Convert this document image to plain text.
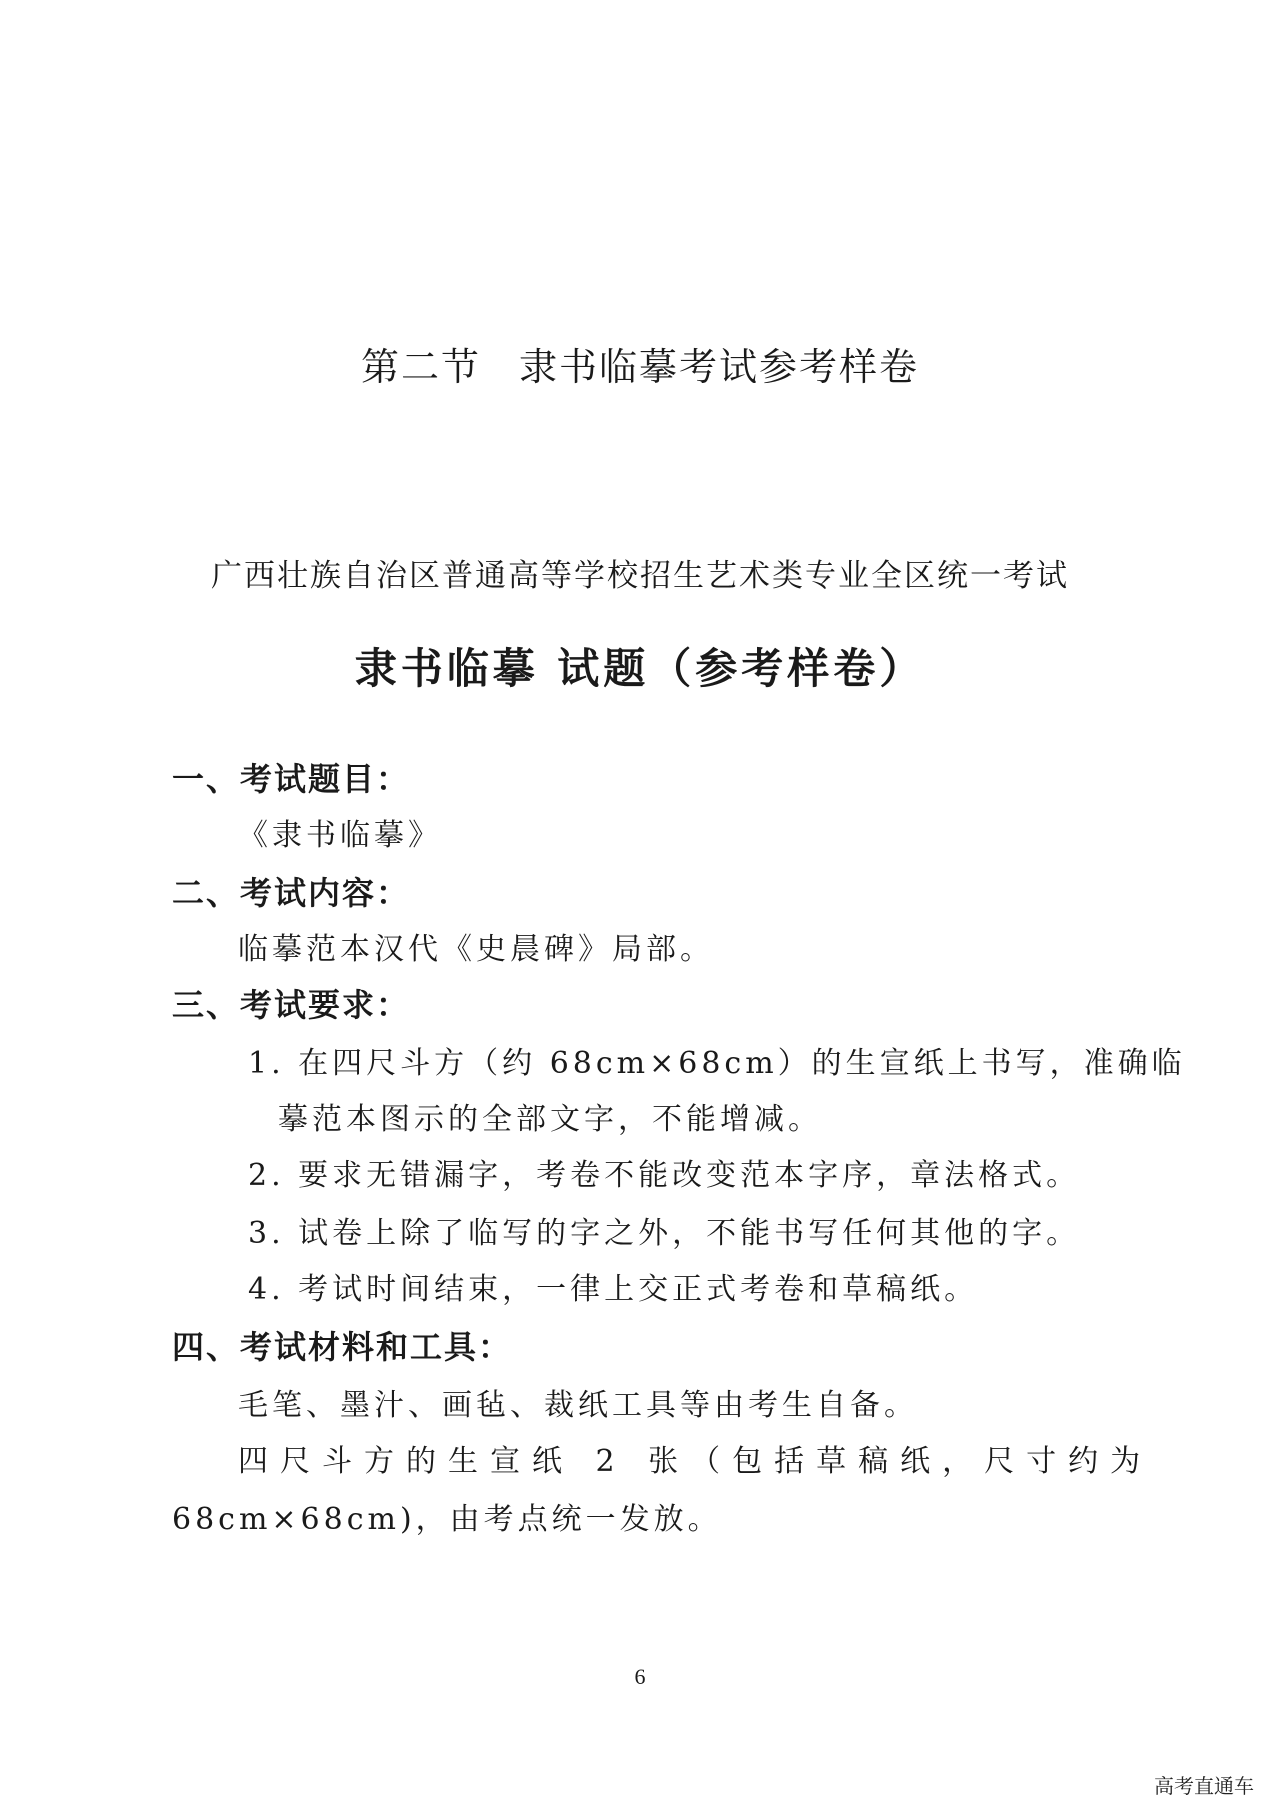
第二节 隶书临摹考试参考样卷
广西壮族自治区普通高等学校招生艺术类专业全区统一考试
隶书临摹 试题（参考样卷）
一、考试题目：
《隶书临摹》
二、考试内容：
临摹范本汉代《史晨碑》局部。
三、考试要求：
1. 在四尺斗方（约 68cm×68cm）的生宣纸上书写，准确临
摹范本图示的全部文字，不能增减。
2. 要求无错漏字，考卷不能改变范本字序，章法格式。
3. 试卷上除了临写的字之外，不能书写任何其他的字。
4. 考试时间结束，一律上交正式考卷和草稿纸。
四、考试材料和工具：
毛笔、墨汁、画毡、裁纸工具等由考生自备。
四尺斗方的生宣纸 2 张（包括草稿纸，尺寸约为
68cm×68cm)，由考点统一发放。
6
高考直通车
